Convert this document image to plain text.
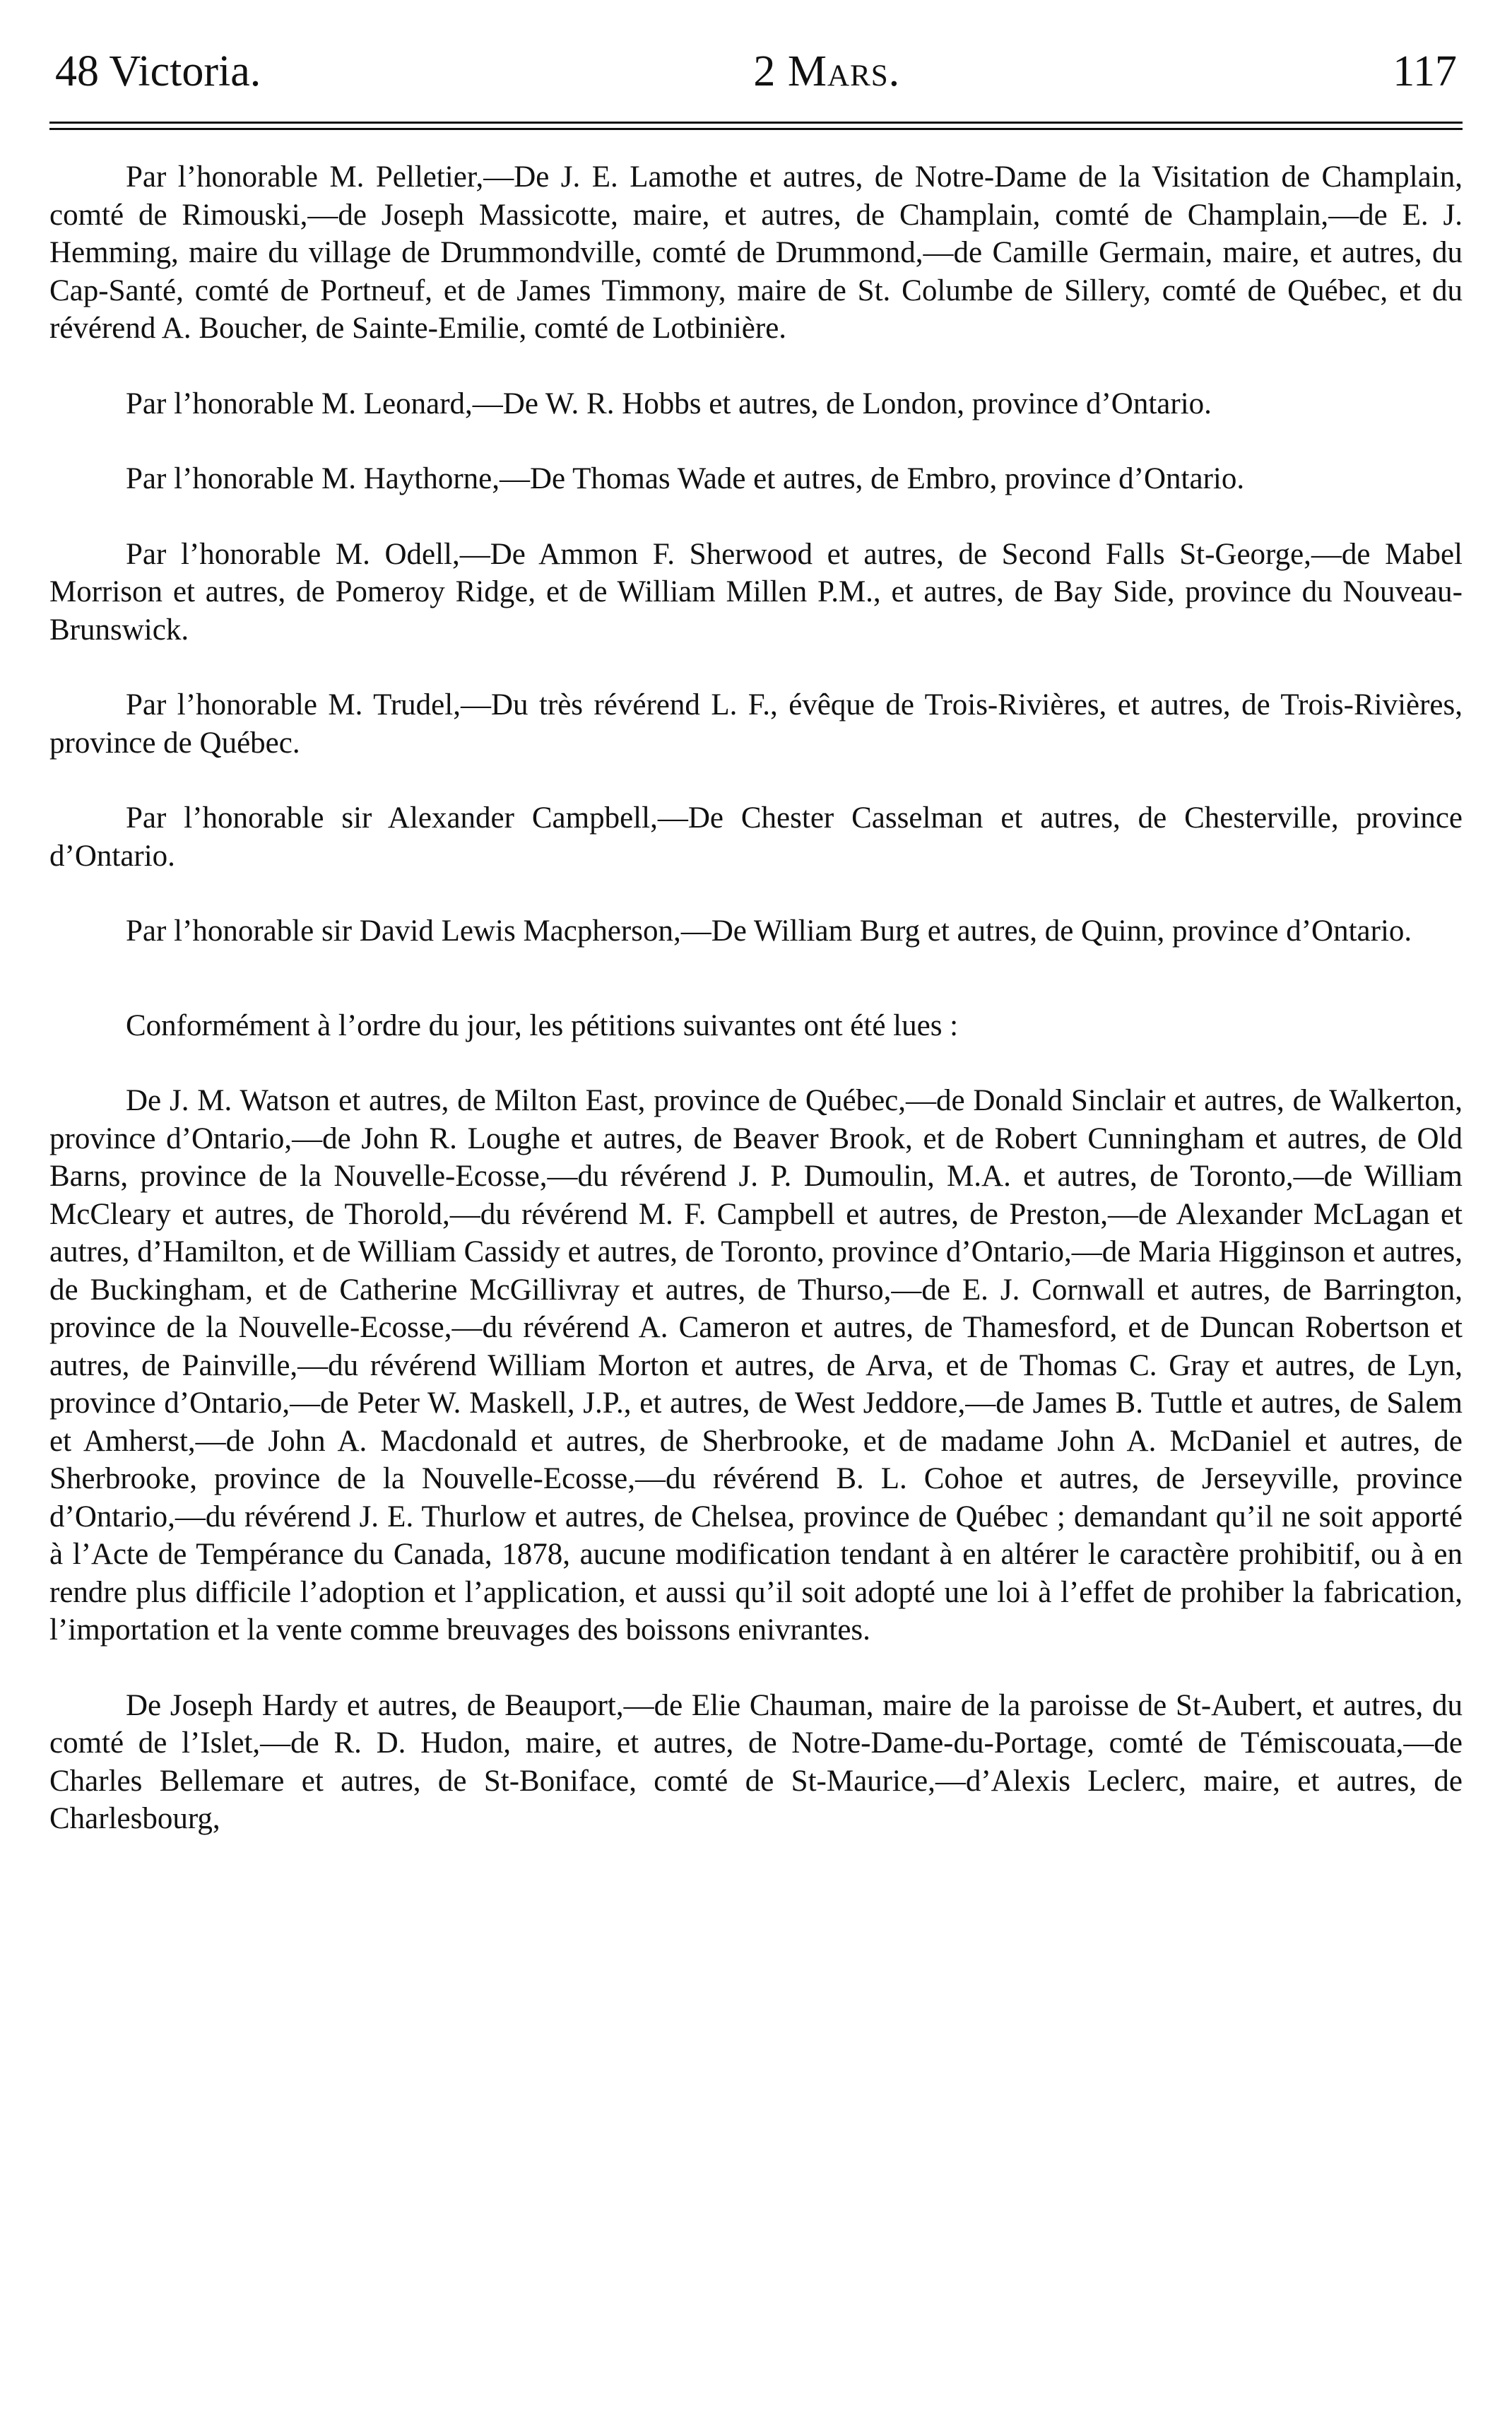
48 Victoria.	2 Mars.	117

Par l’honorable M. Pelletier,—De J. E. Lamothe et autres, de Notre-Dame de la Visitation de Champlain, comté de Rimouski,—de Joseph Massicotte, maire, et autres, de Champlain, comté de Champlain,—de E. J. Hemming, maire du village de Drummondville, comté de Drummond,—de Camille Germain, maire, et autres, du Cap-Santé, comté de Portneuf, et de James Timmony, maire de St. Columbe de Sillery, comté de Québec, et du révérend A. Boucher, de Sainte-Emilie, comté de Lotbinière.

Par l’honorable M. Leonard,—De W. R. Hobbs et autres, de London, province d’Ontario.

Par l’honorable M. Haythorne,—De Thomas Wade et autres, de Embro, province d’Ontario.

Par l’honorable M. Odell,—De Ammon F. Sherwood et autres, de Second Falls St-George,—de Mabel Morrison et autres, de Pomeroy Ridge, et de William Millen P.M., et autres, de Bay Side, province du Nouveau-Brunswick.

Par l’honorable M. Trudel,—Du très révérend L. F., évêque de Trois-Rivières, et autres, de Trois-Rivières, province de Québec.

Par l’honorable sir Alexander Campbell,—De Chester Casselman et autres, de Chesterville, province d’Ontario.

Par l’honorable sir David Lewis Macpherson,—De William Burg et autres, de Quinn, province d’Ontario.

Conformément à l’ordre du jour, les pétitions suivantes ont été lues :

De J. M. Watson et autres, de Milton East, province de Québec,—de Donald Sinclair et autres, de Walkerton, province d’Ontario,—de John R. Loughe et autres, de Beaver Brook, et de Robert Cunningham et autres, de Old Barns, province de la Nouvelle-Ecosse,—du révérend J. P. Dumoulin, M.A. et autres, de Toronto,—de William McCleary et autres, de Thorold,—du révérend M. F. Campbell et autres, de Preston,—de Alexander McLagan et autres, d’Hamilton, et de William Cassidy et autres, de Toronto, province d’Ontario,—de Maria Higginson et autres, de Buckingham, et de Catherine McGillivray et autres, de Thurso,—de E. J. Cornwall et autres, de Barrington, province de la Nouvelle-Ecosse,—du révérend A. Cameron et autres, de Thamesford, et de Duncan Robertson et autres, de Painville,—du révérend William Morton et autres, de Arva, et de Thomas C. Gray et autres, de Lyn, province d’Ontario,—de Peter W. Maskell, J.P., et autres, de West Jeddore,—de James B. Tuttle et autres, de Salem et Amherst,—de John A. Macdonald et autres, de Sherbrooke, et de madame John A. McDaniel et autres, de Sherbrooke, province de la Nouvelle-Ecosse,—du révérend B. L. Cohoe et autres, de Jerseyville, province d’Ontario,—du révérend J. E. Thurlow et autres, de Chelsea, province de Québec ; demandant qu’il ne soit apporté à l’Acte de Tempérance du Canada, 1878, aucune modification tendant à en altérer le caractère prohibitif, ou à en rendre plus difficile l’adoption et l’application, et aussi qu’il soit adopté une loi à l’effet de prohiber la fabrication, l’importation et la vente comme breuvages des boissons enivrantes.

De Joseph Hardy et autres, de Beauport,—de Elie Chauman, maire de la paroisse de St-Aubert, et autres, du comté de l’Islet,—de R. D. Hudon, maire, et autres, de Notre-Dame-du-Portage, comté de Témiscouata,—de Charles Bellemare et autres, de St-Boniface, comté de St-Maurice,—d’Alexis Leclerc, maire, et autres, de Charlesbourg,
